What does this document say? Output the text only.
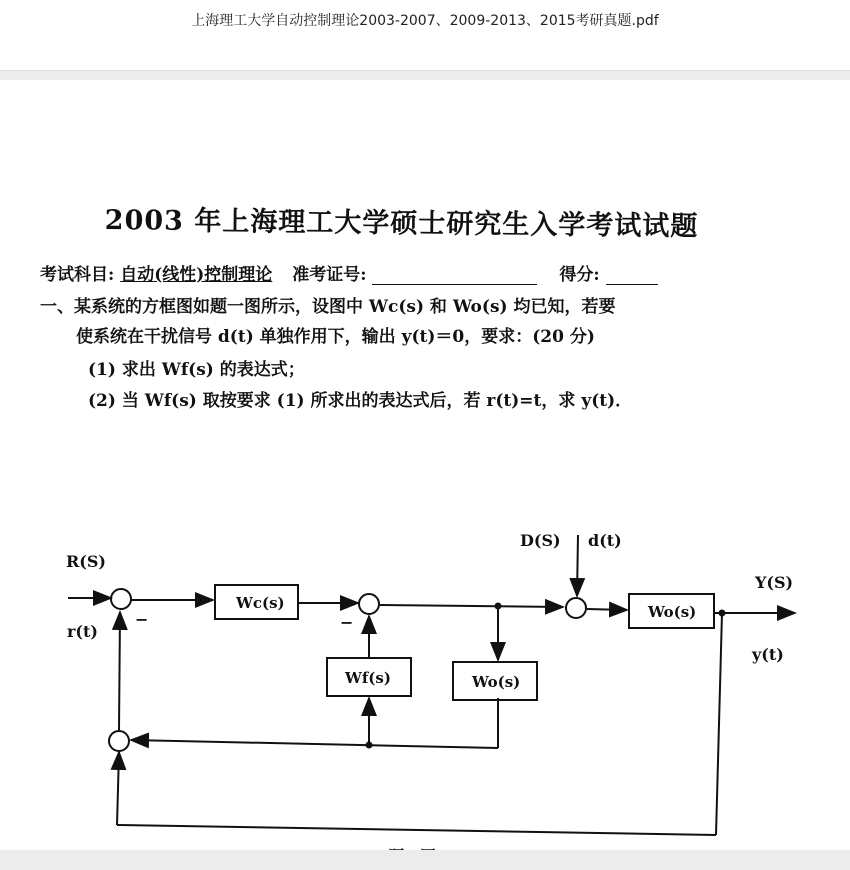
上海理工大学自动控制理论2003-2007、2009-2013、2015考研真题.pdf
2003 年上海理工大学硕士研究生入学考试试题
考试科目: 自动(线性)控制理论 准考证号:	得分:
一、某系统的方框图如题一图所示，设图中 Wc(s) 和 Wo(s) 均已知，若要
使系统在干扰信号 d(t) 单独作用下，输出 y(t)＝0，要求：(20 分)
(1) 求出 Wf(s) 的表达式；
(2) 当 Wf(s) 取按要求 (1) 所求出的表达式后，若 r(t)=t，求 y(t)．
Wc(s)	Wo(s)
Wf(s)	Wo(s)
R(S)
r(t)
D(S) d(t)
Y(S)
y(t)
−	−
